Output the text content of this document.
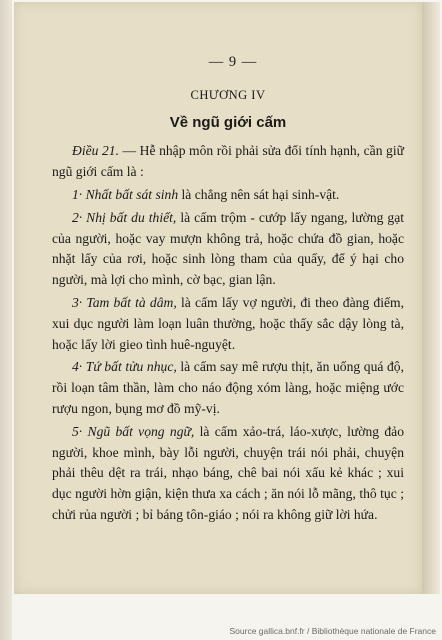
— 9 —
CHƯƠNG IV
Về ngũ giới cấm

Điều 21. — Hễ nhập môn rồi phải sửa đổi tính hạnh, cần giữ ngũ giới cấm là :

1· Nhất bất sát sinh là chẳng nên sát hại sinh-vật.

2· Nhị bất du thiết, là cấm trộm - cướp lấy ngang, lường gạt của người, hoặc vay mượn không trả, hoặc chứa đồ gian, hoặc nhặt lấy của rơi, hoặc sinh lòng tham của quấy, để ý hại cho người, mà lợi cho mình, cờ bạc, gian lận.

3· Tam bất tà dâm, là cấm lấy vợ người, đi theo đàng điếm, xui dục người làm loạn luân thường, hoặc thấy sắc dậy lòng tà, hoặc lấy lời gieo tình huê-nguyệt.

4· Tứ bất tửu nhục, là cấm say mê rượu thịt, ăn uống quá độ, rồi loạn tâm thần, làm cho náo động xóm làng, hoặc miệng ước rượu ngon, bụng mơ đồ mỹ-vị.

5· Ngũ bất vọng ngữ, là cấm xảo-trá, láo-xược, lường đảo người, khoe mình, bày lỗi người, chuyện trái nói phải, chuyện phải thêu dệt ra trái, nhạo báng, chê bai nói xấu kẻ khác ; xui dục người hờn giận, kiện thưa xa cách ; ăn nói lỗ mãng, thô tục ; chửi rủa người ; bỉ báng tôn-giáo ; nói ra không giữ lời hứa.

Source gallica.bnf.fr / Bibliothèque nationale de France
